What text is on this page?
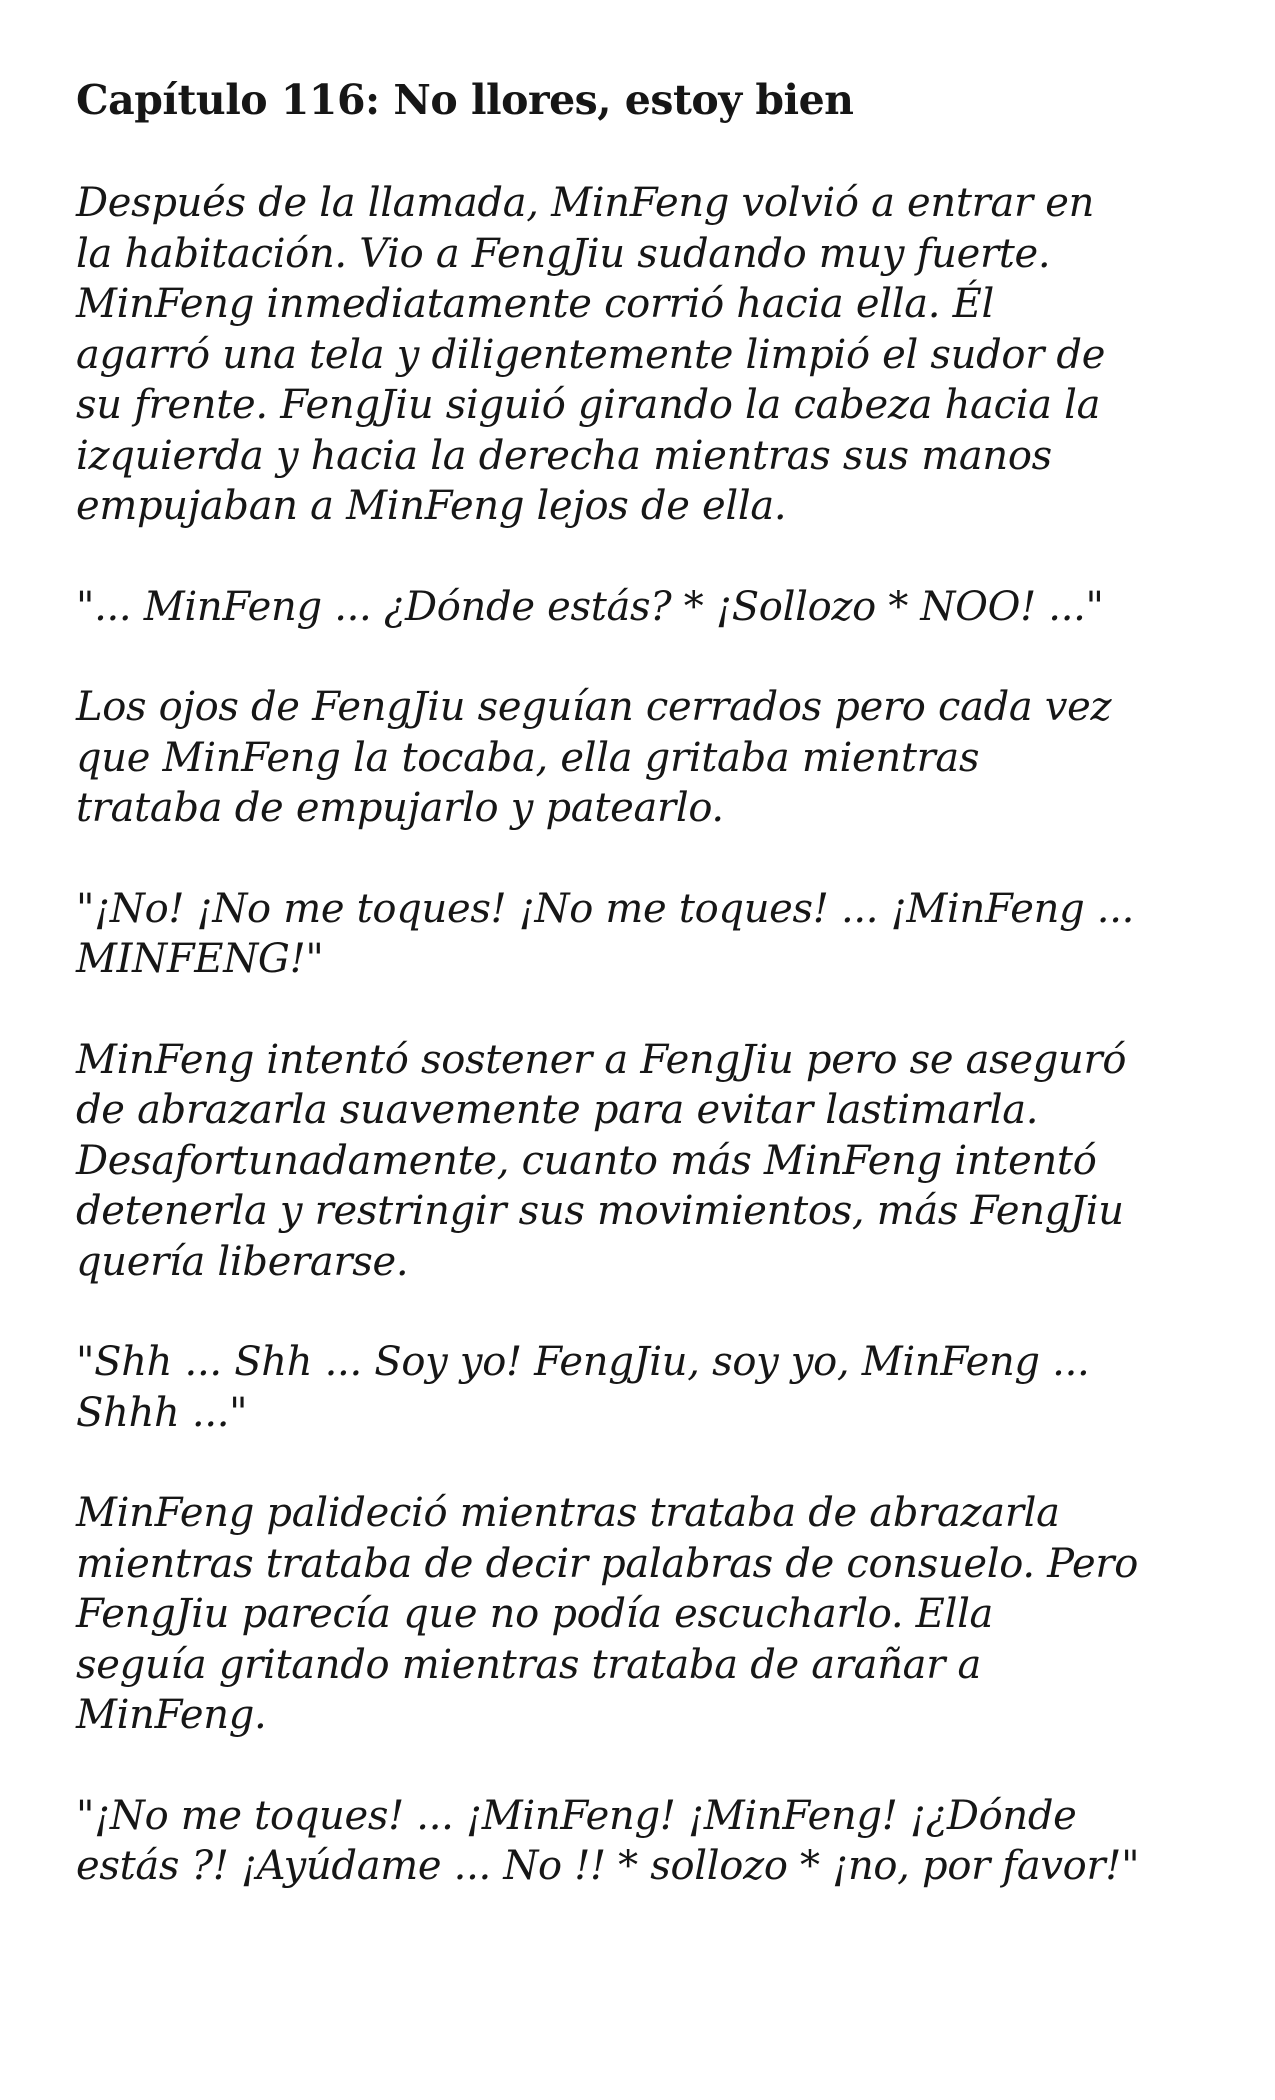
Capítulo 116: No llores, estoy bien

Después de la llamada, MinFeng volvió a entrar en
la habitación. Vio a FengJiu sudando muy fuerte.
MinFeng inmediatamente corrió hacia ella. Él
agarró una tela y diligentemente limpió el sudor de
su frente. FengJiu siguió girando la cabeza hacia la
izquierda y hacia la derecha mientras sus manos
empujaban a MinFeng lejos de ella.

"... MinFeng ... ¿Dónde estás? * ¡Sollozo * NOO! ..."

Los ojos de FengJiu seguían cerrados pero cada vez
que MinFeng la tocaba, ella gritaba mientras
trataba de empujarlo y patearlo.

"¡No! ¡No me toques! ¡No me toques! ... ¡MinFeng ...
MINFENG!"

MinFeng intentó sostener a FengJiu pero se aseguró
de abrazarla suavemente para evitar lastimarla.
Desafortunadamente, cuanto más MinFeng intentó
detenerla y restringir sus movimientos, más FengJiu
quería liberarse.

"Shh ... Shh ... Soy yo! FengJiu, soy yo, MinFeng ...
Shhh ..."

MinFeng palideció mientras trataba de abrazarla
mientras trataba de decir palabras de consuelo. Pero
FengJiu parecía que no podía escucharlo. Ella
seguía gritando mientras trataba de arañar a
MinFeng.

"¡No me toques! ... ¡MinFeng! ¡MinFeng! ¡¿Dónde
estás ?! ¡Ayúdame ... No !! * sollozo * ¡no, por favor!"
